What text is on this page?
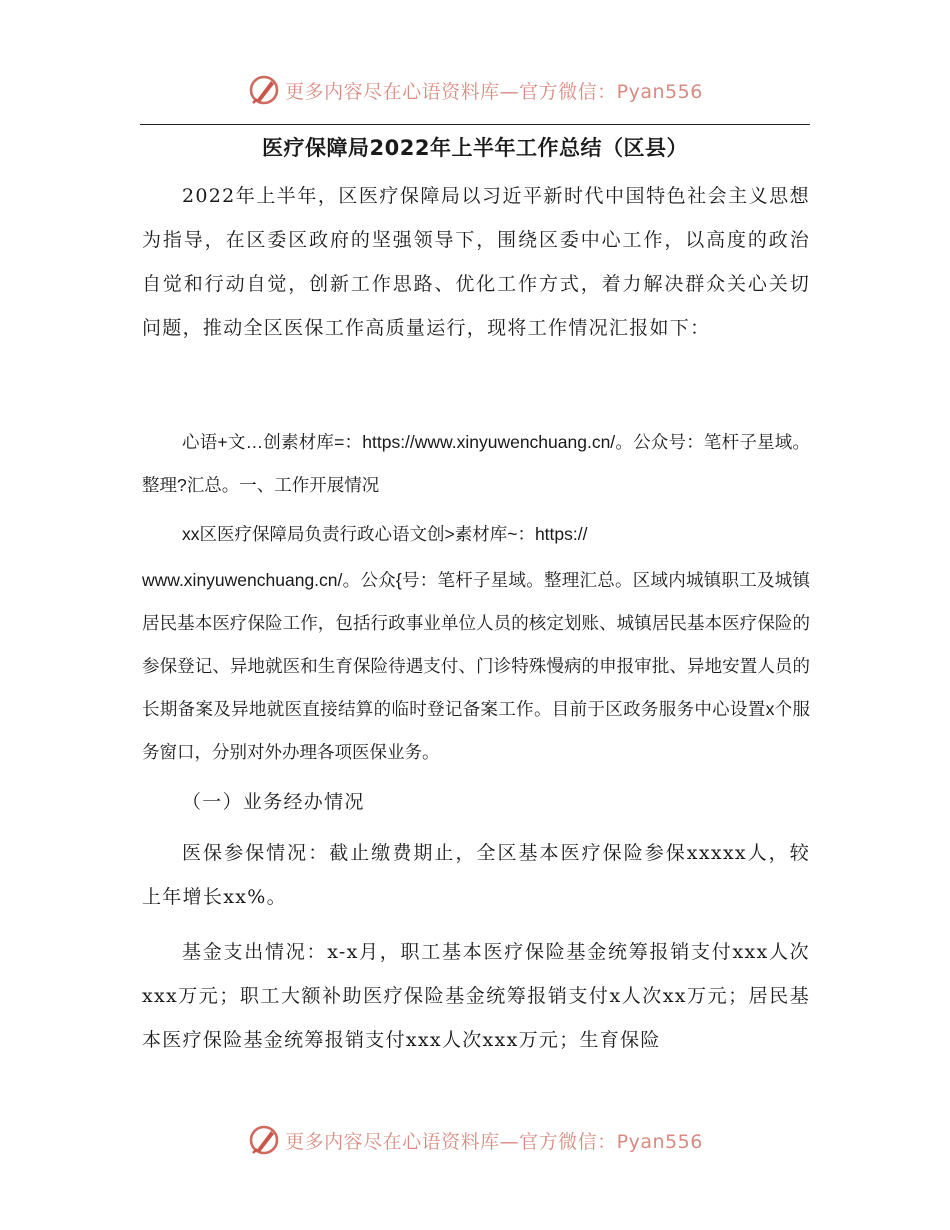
更多内容尽在心语资料库—官方微信：Pyan556
医疗保障局2022年上半年工作总结（区县）

2022年上半年，区医疗保障局以习近平新时代中国特色社会主义思想为指导，在区委区政府的坚强领导下，围绕区委中心工作，以高度的政治自觉和行动自觉，创新工作思路、优化工作方式，着力解决群众关心关切问题，推动全区医保工作高质量运行，现将工作情况汇报如下：

心语+文…创素材库=：https://www.xinyuwenchuang.cn/。公众号：笔杆子星域。整理?汇总。一、工作开展情况

xx区医疗保障局负责行政心语文创>素材库~：https://

www.xinyuwenchuang.cn/。公众{号：笔杆子星域。整理汇总。区域内城镇职工及城镇居民基本医疗保险工作，包括行政事业单位人员的核定划账、城镇居民基本医疗保险的参保登记、异地就医和生育保险待遇支付、门诊特殊慢病的申报审批、异地安置人员的长期备案及异地就医直接结算的临时登记备案工作。目前于区政务服务中心设置x个服务窗口，分别对外办理各项医保业务。

（一）业务经办情况

医保参保情况：截止缴费期止，全区基本医疗保险参保xxxxx人，较上年增长xx%。

基金支出情况：x-x月，职工基本医疗保险基金统筹报销支付xxx人次xxx万元；职工大额补助医疗保险基金统筹报销支付x人次xx万元；居民基本医疗保险基金统筹报销支付xxx人次xxx万元；生育保险

更多内容尽在心语资料库—官方微信：Pyan556
